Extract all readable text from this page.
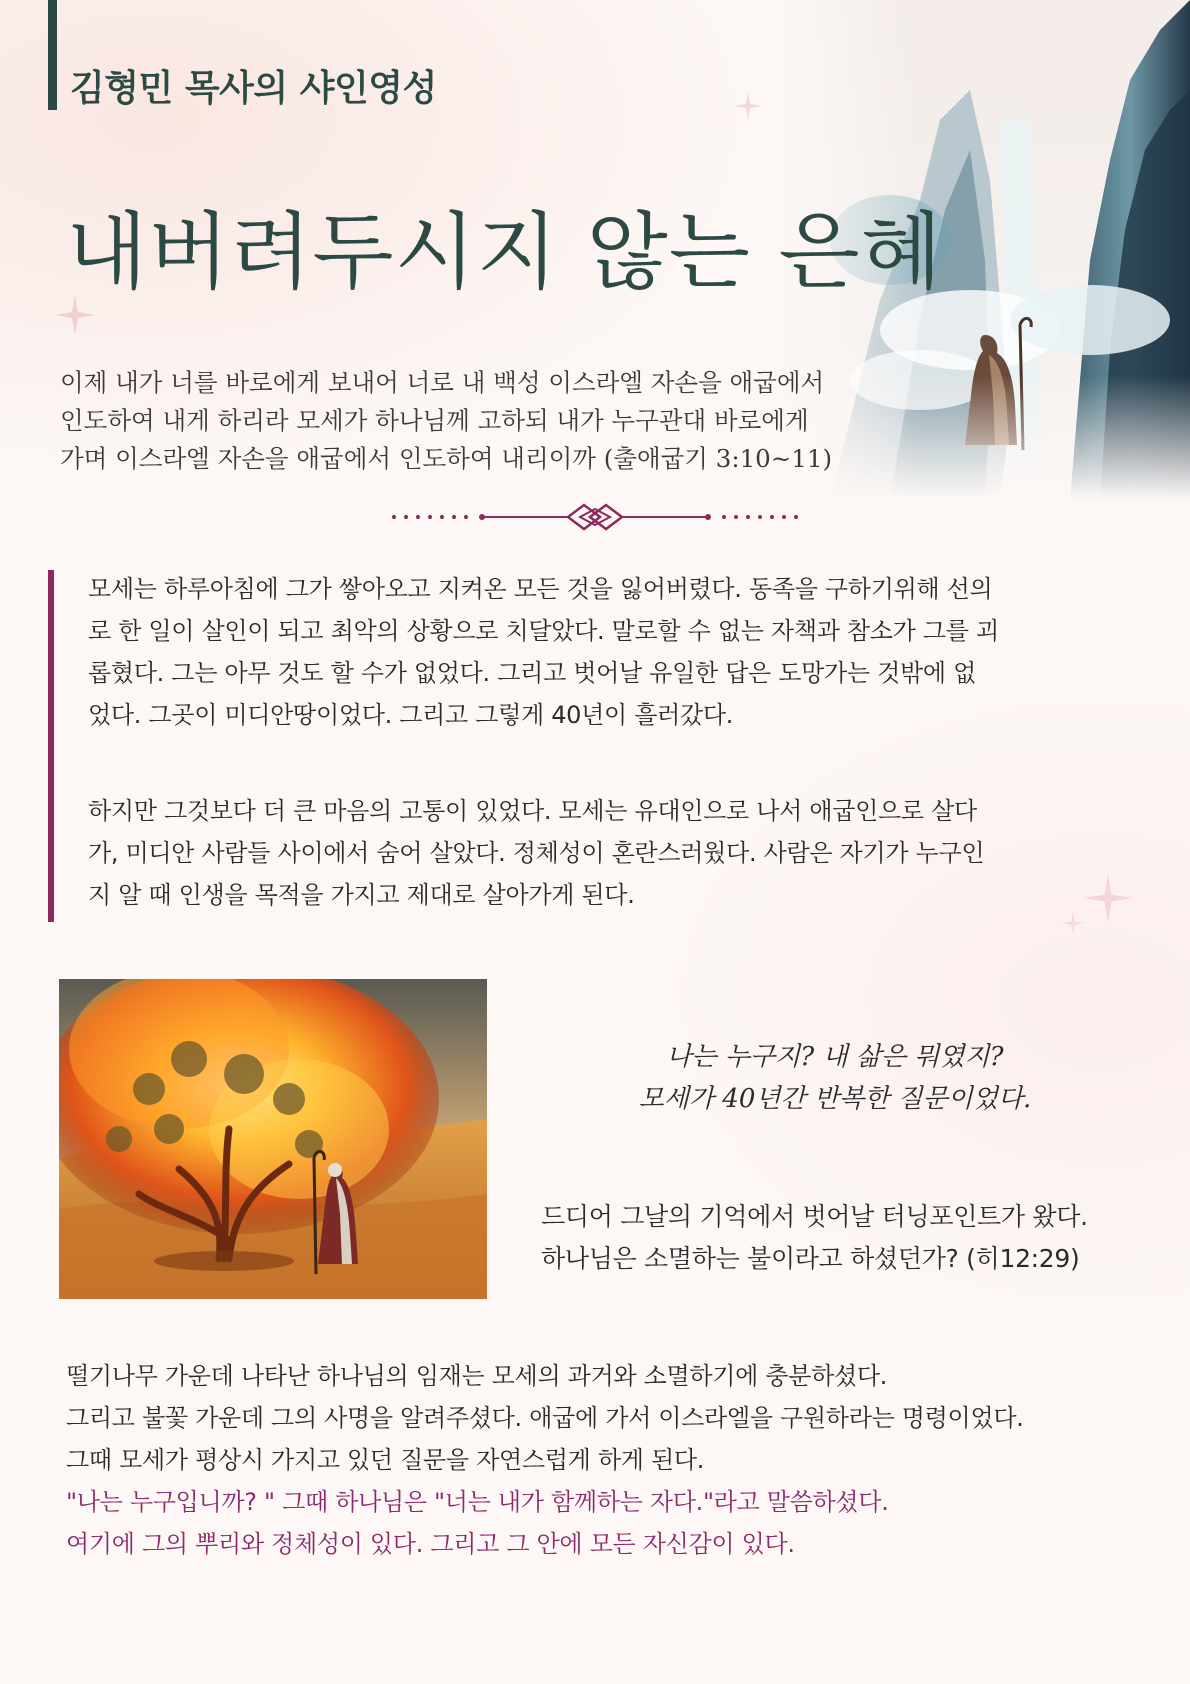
김형민 목사의 샤인영성
내버려두시지 않는 은혜
이제 내가 너를 바로에게 보내어 너로 내 백성 이스라엘 자손을 애굽에서
인도하여 내게 하리라 모세가 하나님께 고하되 내가 누구관대 바로에게
가며 이스라엘 자손을 애굽에서 인도하여 내리이까 (출애굽기 3:10~11)
모세는 하루아침에 그가 쌓아오고 지켜온 모든 것을 잃어버렸다. 동족을 구하기위해 선의
로 한 일이 살인이 되고 최악의 상황으로 치달았다. 말로할 수 없는 자책과 참소가 그를 괴
롭혔다. 그는 아무 것도 할 수가 없었다. 그리고 벗어날 유일한 답은 도망가는 것밖에 없
었다. 그곳이 미디안땅이었다. 그리고 그렇게 40년이 흘러갔다.
하지만 그것보다 더 큰 마음의 고통이 있었다. 모세는 유대인으로 나서 애굽인으로 살다
가, 미디안 사람들 사이에서 숨어 살았다. 정체성이 혼란스러웠다. 사람은 자기가 누구인
지 알 때 인생을 목적을 가지고 제대로 살아가게 된다.
나는 누구지? 내 삶은 뭐였지?
모세가 40년간 반복한 질문이었다.
드디어 그날의 기억에서 벗어날 터닝포인트가 왔다.
하나님은 소멸하는 불이라고 하셨던가? (히12:29)
떨기나무 가운데 나타난 하나님의 임재는 모세의 과거와 소멸하기에 충분하셨다.
그리고 불꽃 가운데 그의 사명을 알려주셨다. 애굽에 가서 이스라엘을 구원하라는 명령이었다.
그때 모세가 평상시 가지고 있던 질문을 자연스럽게 하게 된다.
"나는 누구입니까? " 그때 하나님은 "너는 내가 함께하는 자다."라고 말씀하셨다.
여기에 그의 뿌리와 정체성이 있다. 그리고 그 안에 모든 자신감이 있다.
